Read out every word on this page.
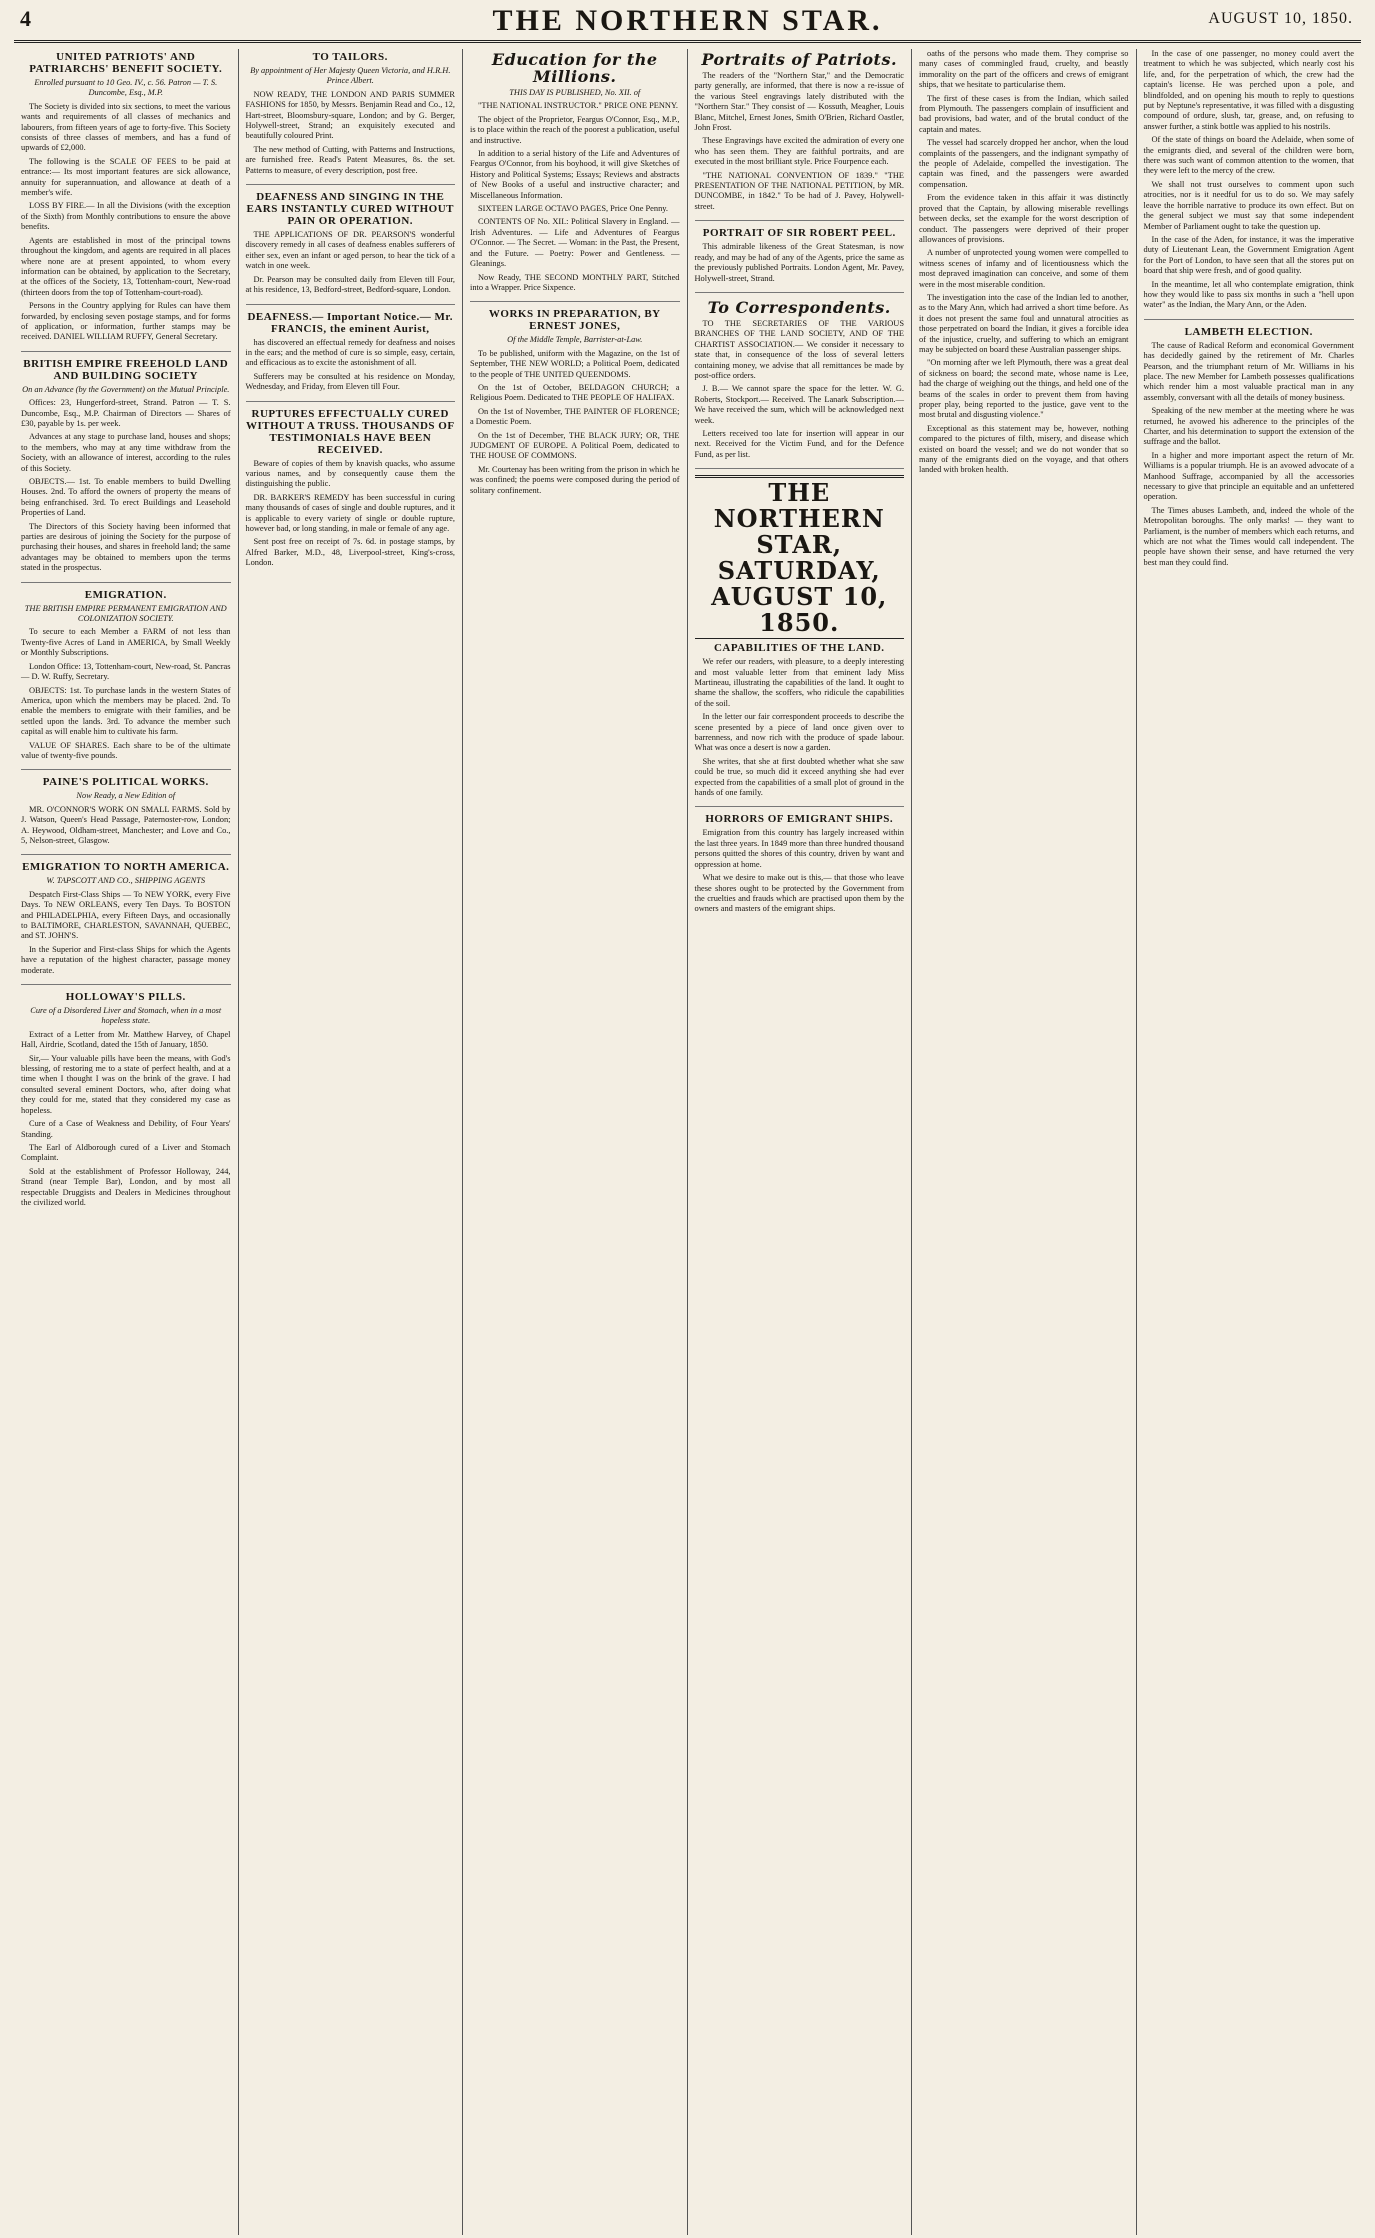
4	THE NORTHERN STAR.	AUGUST 10, 1850.
UNITED PATRIOTS' AND PATRIARCHS' BENEFIT SOCIETY.
Enrolled pursuant to 10 Geo. IV., c. 56. Patron — T. S. Duncombe, Esq., M.P.

The Society is divided into six sections, to meet the various wants and requirements of all classes of mechanics and labourers, from fifteen years of age to forty-five. This Society consists of three classes of members, and has a fund of upwards of £2,000.

The following is the SCALE OF FEES to be paid at entrance:— Its most important features are sick allowance, annuity for superannuation, and allowance at death of a member's wife.

LOSS BY FIRE.— In all the Divisions (with the exception of the Sixth) from Monthly contributions to ensure the above benefits.

Agents are established in most of the principal towns throughout the kingdom, and agents are required in all places where none are at present appointed, to whom every information can be obtained, by application to the Secretary, at the offices of the Society, 13, Tottenham-court, New-road (thirteen doors from the top of Tottenham-court-road).

Persons in the Country applying for Rules can have them forwarded, by enclosing seven postage stamps, and for forms of application, or information, further stamps may be received. DANIEL WILLIAM RUFFY, General Secretary.

BRITISH EMPIRE FREEHOLD LAND AND BUILDING SOCIETY
On an Advance (by the Government) on the Mutual Principle.

Offices: 23, Hungerford-street, Strand. Patron — T. S. Duncombe, Esq., M.P. Chairman of Directors — Shares of £30, payable by 1s. per week.

Advances at any stage to purchase land, houses and shops; to the members, who may at any time withdraw from the Society, with an allowance of interest, according to the rules of this Society.

OBJECTS.— 1st. To enable members to build Dwelling Houses. 2nd. To afford the owners of property the means of being enfranchised. 3rd. To erect Buildings and Leasehold Properties of Land.

The Directors of this Society having been informed that parties are desirous of joining the Society for the purpose of purchasing their houses, and shares in freehold land; the same advantages may be obtained to members upon the terms stated in the prospectus.

EMIGRATION.
THE BRITISH EMPIRE PERMANENT EMIGRATION AND COLONIZATION SOCIETY.

To secure to each Member a FARM of not less than Twenty-five Acres of Land in AMERICA, by Small Weekly or Monthly Subscriptions.

London Office: 13, Tottenham-court, New-road, St. Pancras — D. W. Ruffy, Secretary.

OBJECTS: 1st. To purchase lands in the western States of America, upon which the members may be placed. 2nd. To enable the members to emigrate with their families, and be settled upon the lands. 3rd. To advance the member such capital as will enable him to cultivate his farm.

VALUE OF SHARES. Each share to be of the ultimate value of twenty-five pounds.

PAINE'S POLITICAL WORKS.
Now Ready, a New Edition of

MR. O'CONNOR'S WORK ON SMALL FARMS. Sold by J. Watson, Queen's Head Passage, Paternoster-row, London; A. Heywood, Oldham-street, Manchester; and Love and Co., 5, Nelson-street, Glasgow.

EMIGRATION TO NORTH AMERICA.
W. TAPSCOTT AND CO., SHIPPING AGENTS

Despatch First-Class Ships — To NEW YORK, every Five Days. To NEW ORLEANS, every Ten Days. To BOSTON and PHILADELPHIA, every Fifteen Days, and occasionally to BALTIMORE, CHARLESTON, SAVANNAH, QUEBEC, and ST. JOHN'S.

In the Superior and First-class Ships for which the Agents have a reputation of the highest character, passage money moderate.

HOLLOWAY'S PILLS.
Cure of a Disordered Liver and Stomach, when in a most hopeless state.

Extract of a Letter from Mr. Matthew Harvey, of Chapel Hall, Airdrie, Scotland, dated the 15th of January, 1850.

Sir,— Your valuable pills have been the means, with God's blessing, of restoring me to a state of perfect health, and at a time when I thought I was on the brink of the grave. I had consulted several eminent Doctors, who, after doing what they could for me, stated that they considered my case as hopeless.

Cure of a Case of Weakness and Debility, of Four Years' Standing.

The Earl of Aldborough cured of a Liver and Stomach Complaint.

Sold at the establishment of Professor Holloway, 244, Strand (near Temple Bar), London, and by most all respectable Druggists and Dealers in Medicines throughout the civilized world.

TO TAILORS.
By appointment of Her Majesty Queen Victoria, and H.R.H. Prince Albert.

NOW READY, THE LONDON AND PARIS SUMMER FASHIONS for 1850, by Messrs. Benjamin Read and Co., 12, Hart-street, Bloomsbury-square, London; and by G. Berger, Holywell-street, Strand; an exquisitely executed and beautifully coloured Print.

The new method of Cutting, with Patterns and Instructions, are furnished free. Read's Patent Measures, 8s. the set. Patterns to measure, of every description, post free.

DEAFNESS AND SINGING IN THE EARS INSTANTLY CURED WITHOUT PAIN OR OPERATION.

THE APPLICATIONS OF DR. PEARSON'S wonderful discovery remedy in all cases of deafness enables sufferers of either sex, even an infant or aged person, to hear the tick of a watch in one week.

Dr. Pearson may be consulted daily from Eleven till Four, at his residence, 13, Bedford-street, Bedford-square, London.

DEAFNESS.— Important Notice.— Mr. FRANCIS, the eminent Aurist,

has discovered an effectual remedy for deafness and noises in the ears; and the method of cure is so simple, easy, certain, and efficacious as to excite the astonishment of all.

Sufferers may be consulted at his residence on Monday, Wednesday, and Friday, from Eleven till Four.

RUPTURES EFFECTUALLY CURED WITHOUT A TRUSS. THOUSANDS OF TESTIMONIALS HAVE BEEN RECEIVED.

Beware of copies of them by knavish quacks, who assume various names, and by consequently cause them the distinguishing the public.

DR. BARKER'S REMEDY has been successful in curing many thousands of cases of single and double ruptures, and it is applicable to every variety of single or double rupture, however bad, or long standing, in male or female of any age.

Sent post free on receipt of 7s. 6d. in postage stamps, by Alfred Barker, M.D., 48, Liverpool-street, King's-cross, London.

Education for the Millions.
THIS DAY IS PUBLISHED, No. XII. of

"THE NATIONAL INSTRUCTOR." PRICE ONE PENNY.

The object of the Proprietor, Feargus O'Connor, Esq., M.P., is to place within the reach of the poorest a publication, useful and instructive.

In addition to a serial history of the Life and Adventures of Feargus O'Connor, from his boyhood, it will give Sketches of History and Political Systems; Essays; Reviews and abstracts of New Books of a useful and instructive character; and Miscellaneous Information.

SIXTEEN LARGE OCTAVO PAGES, Price One Penny.

CONTENTS OF No. XII.: Political Slavery in England. — Irish Adventures. — Life and Adventures of Feargus O'Connor. — The Secret. — Woman: in the Past, the Present, and the Future. — Poetry: Power and Gentleness. — Gleanings.

Now Ready, THE SECOND MONTHLY PART, Stitched into a Wrapper. Price Sixpence.

WORKS IN PREPARATION, BY ERNEST JONES,
Of the Middle Temple, Barrister-at-Law.

To be published, uniform with the Magazine, on the 1st of September, THE NEW WORLD; a Political Poem, dedicated to the people of THE UNITED QUEENDOMS.

On the 1st of October, BELDAGON CHURCH; a Religious Poem. Dedicated to THE PEOPLE OF HALIFAX.

On the 1st of November, THE PAINTER OF FLORENCE; a Domestic Poem.

On the 1st of December, THE BLACK JURY; OR, THE JUDGMENT OF EUROPE. A Political Poem, dedicated to THE HOUSE OF COMMONS.

Mr. Courtenay has been writing from the prison in which he was confined; the poems were composed during the period of solitary confinement.

Portraits of Patriots.

The readers of the "Northern Star," and the Democratic party generally, are informed, that there is now a re-issue of the various Steel engravings lately distributed with the "Northern Star." They consist of — Kossuth, Meagher, Louis Blanc, Mitchel, Ernest Jones, Smith O'Brien, Richard Oastler, John Frost.

These Engravings have excited the admiration of every one who has seen them. They are faithful portraits, and are executed in the most brilliant style. Price Fourpence each.

"THE NATIONAL CONVENTION OF 1839." "THE PRESENTATION OF THE NATIONAL PETITION, by MR. DUNCOMBE, in 1842." To be had of J. Pavey, Holywell-street.

PORTRAIT OF SIR ROBERT PEEL.

This admirable likeness of the Great Statesman, is now ready, and may be had of any of the Agents, price the same as the previously published Portraits. London Agent, Mr. Pavey, Holywell-street, Strand.

To Correspondents.

TO THE SECRETARIES OF THE VARIOUS BRANCHES OF THE LAND SOCIETY, AND OF THE CHARTIST ASSOCIATION.— We consider it necessary to state that, in consequence of the loss of several letters containing money, we advise that all remittances be made by post-office orders.

J. B.— We cannot spare the space for the letter. W. G. Roberts, Stockport.— Received. The Lanark Subscription.— We have received the sum, which will be acknowledged next week.

Letters received too late for insertion will appear in our next. Received for the Victim Fund, and for the Defence Fund, as per list.

THE NORTHERN STAR, SATURDAY, AUGUST 10, 1850.
CAPABILITIES OF THE LAND.

We refer our readers, with pleasure, to a deeply interesting and most valuable letter from that eminent lady Miss Martineau, illustrating the capabilities of the land. It ought to shame the shallow, the scoffers, who ridicule the capabilities of the soil.

In the letter our fair correspondent proceeds to describe the scene presented by a piece of land once given over to barrenness, and now rich with the produce of spade labour. What was once a desert is now a garden.

She writes, that she at first doubted whether what she saw could be true, so much did it exceed anything she had ever expected from the capabilities of a small plot of ground in the hands of one family.

HORRORS OF EMIGRANT SHIPS.

Emigration from this country has largely increased within the last three years. In 1849 more than three hundred thousand persons quitted the shores of this country, driven by want and oppression at home.

What we desire to make out is this,— that those who leave these shores ought to be protected by the Government from the cruelties and frauds which are practised upon them by the owners and masters of the emigrant ships.

oaths of the persons who made them. They comprise so many cases of commingled fraud, cruelty, and beastly immorality on the part of the officers and crews of emigrant ships, that we hesitate to particularise them.

The first of these cases is from the Indian, which sailed from Plymouth. The passengers complain of insufficient and bad provisions, bad water, and of the brutal conduct of the captain and mates.

The vessel had scarcely dropped her anchor, when the loud complaints of the passengers, and the indignant sympathy of the people of Adelaide, compelled the investigation. The captain was fined, and the passengers were awarded compensation.

From the evidence taken in this affair it was distinctly proved that the Captain, by allowing miserable revellings between decks, set the example for the worst description of conduct. The passengers were deprived of their proper allowances of provisions.

A number of unprotected young women were compelled to witness scenes of infamy and of licentiousness which the most depraved imagination can conceive, and some of them were in the most miserable condition.

The investigation into the case of the Indian led to another, as to the Mary Ann, which had arrived a short time before. As it does not present the same foul and unnatural atrocities as those perpetrated on board the Indian, it gives a forcible idea of the injustice, cruelty, and suffering to which an emigrant may be subjected on board these Australian passenger ships.

"On morning after we left Plymouth, there was a great deal of sickness on board; the second mate, whose name is Lee, had the charge of weighing out the things, and held one of the beams of the scales in order to prevent them from having proper play, being reported to the justice, gave vent to the most brutal and disgusting violence."

Exceptional as this statement may be, however, nothing compared to the pictures of filth, misery, and disease which existed on board the vessel; and we do not wonder that so many of the emigrants died on the voyage, and that others landed with broken health.

In the case of one passenger, no money could avert the treatment to which he was subjected, which nearly cost his life, and, for the perpetration of which, the crew had the captain's license. He was perched upon a pole, and blindfolded, and on opening his mouth to reply to questions put by Neptune's representative, it was filled with a disgusting compound of ordure, slush, tar, grease, and, on refusing to answer further, a stink bottle was applied to his nostrils.

Of the state of things on board the Adelaide, when some of the emigrants died, and several of the children were born, there was such want of common attention to the women, that they were left to the mercy of the crew.

We shall not trust ourselves to comment upon such atrocities, nor is it needful for us to do so. We may safely leave the horrible narrative to produce its own effect. But on the general subject we must say that some independent Member of Parliament ought to take the question up.

In the case of the Aden, for instance, it was the imperative duty of Lieutenant Lean, the Government Emigration Agent for the Port of London, to have seen that all the stores put on board that ship were fresh, and of good quality.

In the meantime, let all who contemplate emigration, think how they would like to pass six months in such a "hell upon water" as the Indian, the Mary Ann, or the Aden.

LAMBETH ELECTION.

The cause of Radical Reform and economical Government has decidedly gained by the retirement of Mr. Charles Pearson, and the triumphant return of Mr. Williams in his place. The new Member for Lambeth possesses qualifications which render him a most valuable practical man in any assembly, conversant with all the details of money business.

Speaking of the new member at the meeting where he was returned, he avowed his adherence to the principles of the Charter, and his determination to support the extension of the suffrage and the ballot.

In a higher and more important aspect the return of Mr. Williams is a popular triumph. He is an avowed advocate of a Manhood Suffrage, accompanied by all the accessories necessary to give that principle an equitable and an unfettered operation.

The Times abuses Lambeth, and, indeed the whole of the Metropolitan boroughs. The only marks! — they want to Parliament, is the number of members which each returns, and which are not what the Times would call independent. The people have shown their sense, and have returned the very best man they could find.
